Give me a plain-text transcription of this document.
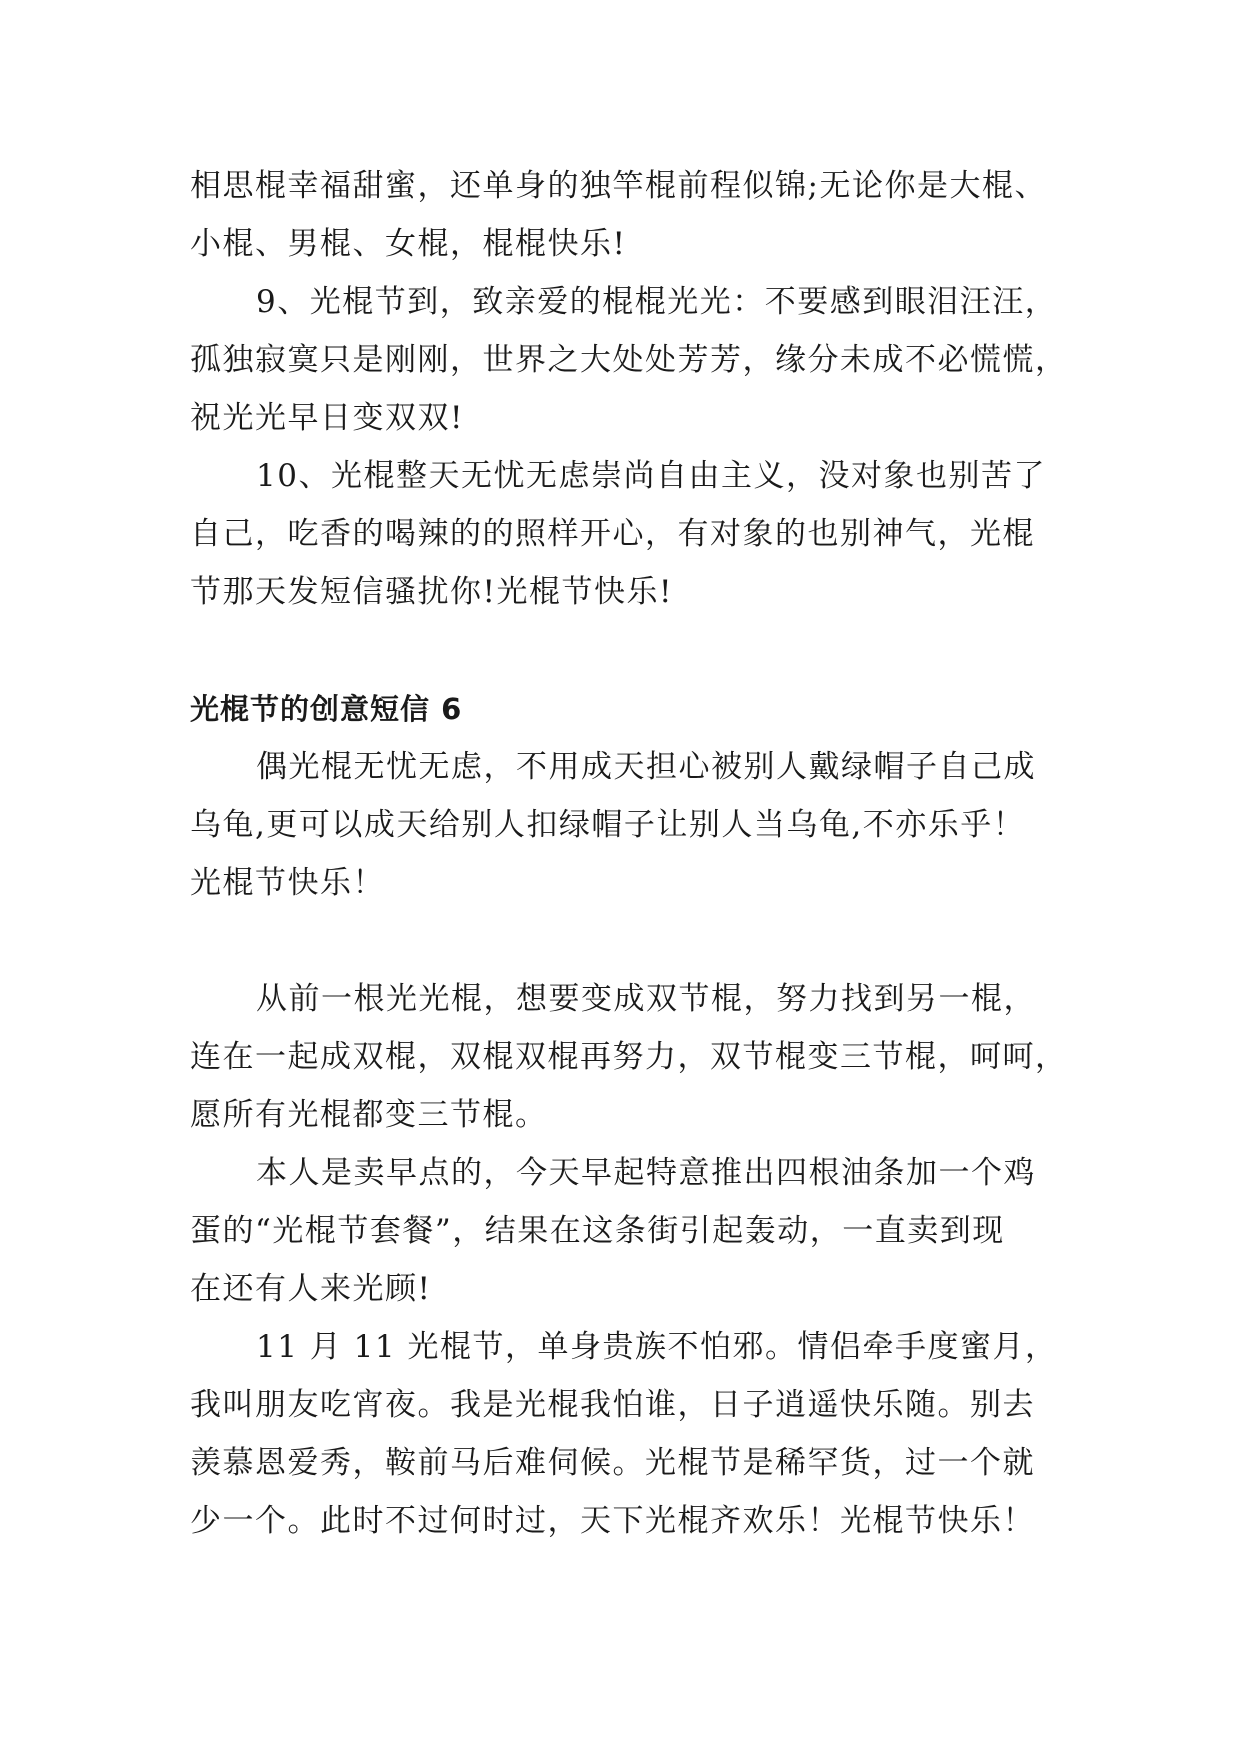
相思棍幸福甜蜜，还单身的独竿棍前程似锦;无论你是大棍、

小棍、男棍、女棍，棍棍快乐!

9、光棍节到，致亲爱的棍棍光光：不要感到眼泪汪汪，

孤独寂寞只是刚刚，世界之大处处芳芳，缘分未成不必慌慌，

祝光光早日变双双!

10、光棍整天无忧无虑崇尚自由主义，没对象也别苦了

自己，吃香的喝辣的的照样开心，有对象的也别神气，光棍

节那天发短信骚扰你!光棍节快乐!

光棍节的创意短信 6

偶光棍无忧无虑，不用成天担心被别人戴绿帽子自己成

乌龟,更可以成天给别人扣绿帽子让别人当乌龟,不亦乐乎！

光棍节快乐！

从前一根光光棍，想要变成双节棍，努力找到另一棍，

连在一起成双棍，双棍双棍再努力，双节棍变三节棍，呵呵，

愿所有光棍都变三节棍。

本人是卖早点的，今天早起特意推出四根油条加一个鸡

蛋的“光棍节套餐”，结果在这条街引起轰动，一直卖到现

在还有人来光顾!

11 月 11 光棍节，单身贵族不怕邪。情侣牵手度蜜月，

我叫朋友吃宵夜。我是光棍我怕谁，日子逍遥快乐随。别去

羡慕恩爱秀，鞍前马后难伺候。光棍节是稀罕货，过一个就

少一个。此时不过何时过，天下光棍齐欢乐！光棍节快乐！
